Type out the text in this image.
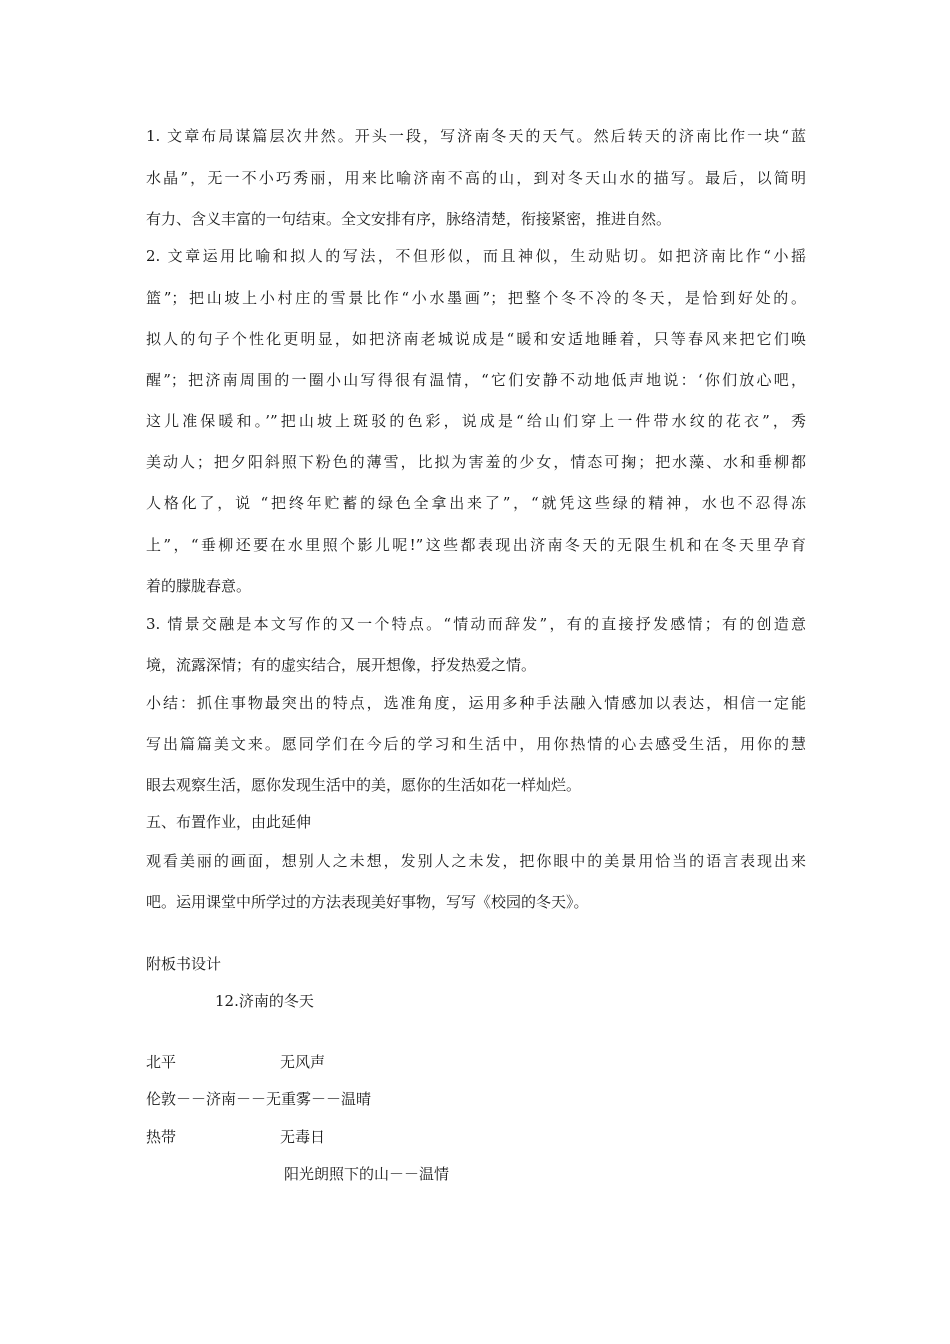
1. 文章布局谋篇层次井然。开头一段，写济南冬天的天气。然后转天的济南比作一块“蓝
水晶”，无一不小巧秀丽，用来比喻济南不高的山，到对冬天山水的描写。最后，以简明
有力、含义丰富的一句结束。全文安排有序，脉络清楚，衔接紧密，推进自然。
2. 文章运用比喻和拟人的写法，不但形似，而且神似，生动贴切。如把济南比作“小摇
篮”；把山坡上小村庄的雪景比作“小水墨画”；把整个冬不冷的冬天，是恰到好处的。
拟人的句子个性化更明显，如把济南老城说成是“暖和安适地睡着，只等春风来把它们唤
醒”；把济南周围的一圈小山写得很有温情，“它们安静不动地低声地说：‘你们放心吧，
这儿准保暖和。’”把山坡上斑驳的色彩，说成是“给山们穿上一件带水纹的花衣”，秀
美动人；把夕阳斜照下粉色的薄雪，比拟为害羞的少女，情态可掬；把水藻、水和垂柳都
人格化了，说 “把终年贮蓄的绿色全拿出来了”，“就凭这些绿的精神，水也不忍得冻
上”，“垂柳还要在水里照个影儿呢!”这些都表现出济南冬天的无限生机和在冬天里孕育
着的朦胧春意。
3. 情景交融是本文写作的又一个特点。“情动而辞发”，有的直接抒发感情；有的创造意
境，流露深情；有的虚实结合，展开想像，抒发热爱之情。
小结：抓住事物最突出的特点，选准角度，运用多种手法融入情感加以表达，相信一定能
写出篇篇美文来。愿同学们在今后的学习和生活中，用你热情的心去感受生活，用你的慧
眼去观察生活，愿你发现生活中的美，愿你的生活如花一样灿烂。
五、布置作业，由此延伸
观看美丽的画面，想别人之未想，发别人之未发，把你眼中的美景用恰当的语言表现出来
吧。运用课堂中所学过的方法表现美好事物，写写《校园的冬天》。
附板书设计
12.济南的冬天
北平	无风声
伦敦－－济南－－无重雾－－温晴
热带	无毒日
阳光朗照下的山－－温情
